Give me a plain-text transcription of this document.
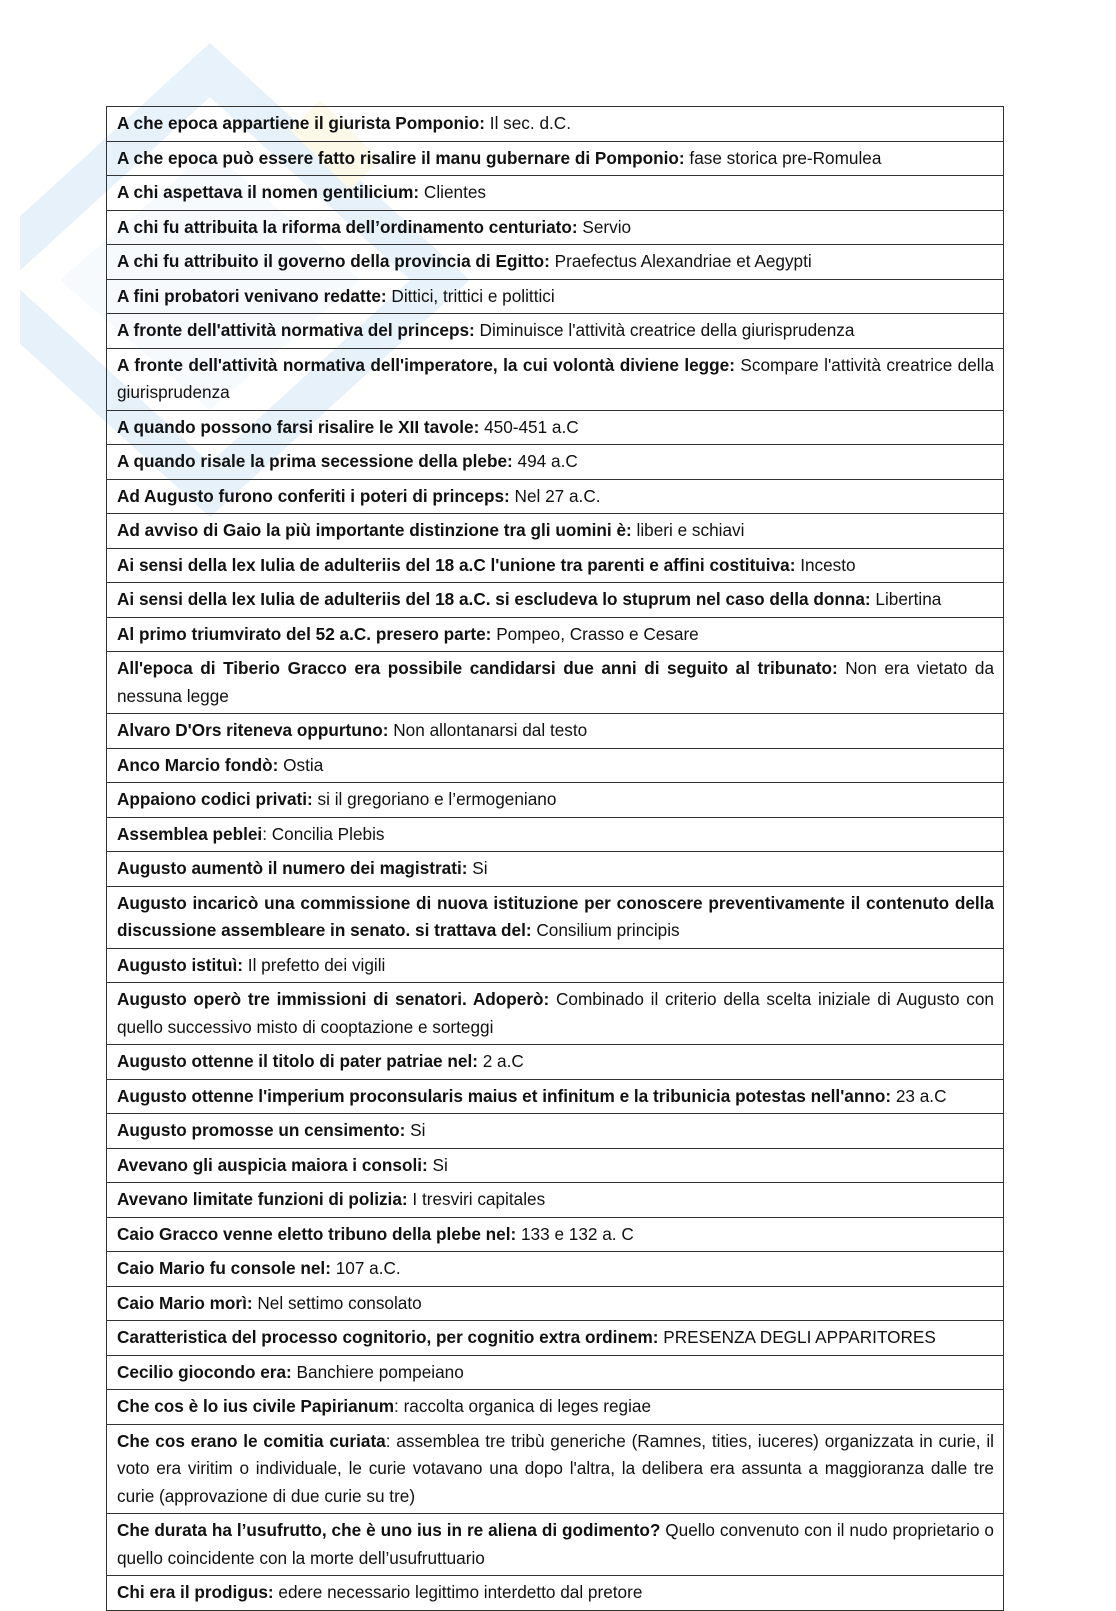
A che epoca appartiene il giurista Pomponio: Il sec. d.C.
A che epoca può essere fatto risalire il manu gubernare di Pomponio: fase storica pre-Romulea
A chi aspettava il nomen gentilicium: Clientes
A chi fu attribuita la riforma dell’ordinamento centuriato: Servio
A chi fu attribuito il governo della provincia di Egitto: Praefectus Alexandriae et Aegypti
A fini probatori venivano redatte: Dittici, trittici e polittici
A fronte dell'attività normativa del princeps: Diminuisce l'attività creatrice della giurisprudenza
A fronte dell'attività normativa dell'imperatore, la cui volontà diviene legge: Scompare l'attività creatrice della giurisprudenza
A quando possono farsi risalire le XII tavole: 450-451 a.C
A quando risale la prima secessione della plebe: 494 a.C
Ad Augusto furono conferiti i poteri di princeps: Nel 27 a.C.
Ad avviso di Gaio la più importante distinzione tra gli uomini è: liberi e schiavi
Ai sensi della lex Iulia de adulteriis del 18 a.C l'unione tra parenti e affini costituiva: Incesto
Ai sensi della lex Iulia de adulteriis del 18 a.C. si escludeva lo stuprum nel caso della donna: Libertina
Al primo triumvirato del 52 a.C. presero parte: Pompeo, Crasso e Cesare
All'epoca di Tiberio Gracco era possibile candidarsi due anni di seguito al tribunato: Non era vietato da nessuna legge
Alvaro D'Ors riteneva oppurtuno: Non allontanarsi dal testo
Anco Marcio fondò: Ostia
Appaiono codici privati: si il gregoriano e l’ermogeniano
Assemblea peblei: Concilia Plebis
Augusto aumentò il numero dei magistrati: Si
Augusto incaricò una commissione di nuova istituzione per conoscere preventivamente il contenuto della discussione assembleare in senato. si trattava del: Consilium principis
Augusto istituì: Il prefetto dei vigili
Augusto operò tre immissioni di senatori. Adoperò: Combinado il criterio della scelta iniziale di Augusto con quello successivo misto di cooptazione e sorteggi
Augusto ottenne il titolo di pater patriae nel: 2 a.C
Augusto ottenne l'imperium proconsularis maius et infinitum e la tribunicia potestas nell'anno: 23 a.C
Augusto promosse un censimento: Si
Avevano gli auspicia maiora i consoli: Si
Avevano limitate funzioni di polizia: I tresviri capitales
Caio Gracco venne eletto tribuno della plebe nel: 133 e 132 a. C
Caio Mario fu console nel: 107 a.C.
Caio Mario morì: Nel settimo consolato
Caratteristica del processo cognitorio, per cognitio extra ordinem: PRESENZA DEGLI APPARITORES
Cecilio giocondo era: Banchiere pompeiano
Che cos è lo ius civile Papirianum: raccolta organica di leges regiae
Che cos erano le comitia curiata: assemblea tre tribù generiche (Ramnes, tities, iuceres) organizzata in curie, il voto era viritim o individuale, le curie votavano una dopo l'altra, la delibera era assunta a maggioranza dalle tre curie (approvazione di due curie su tre)
Che durata ha l’usufrutto, che è uno ius in re aliena di godimento? Quello convenuto con il nudo proprietario o quello coincidente con la morte dell’usufruttuario
Chi era il prodigus: edere necessario legittimo interdetto dal pretore
